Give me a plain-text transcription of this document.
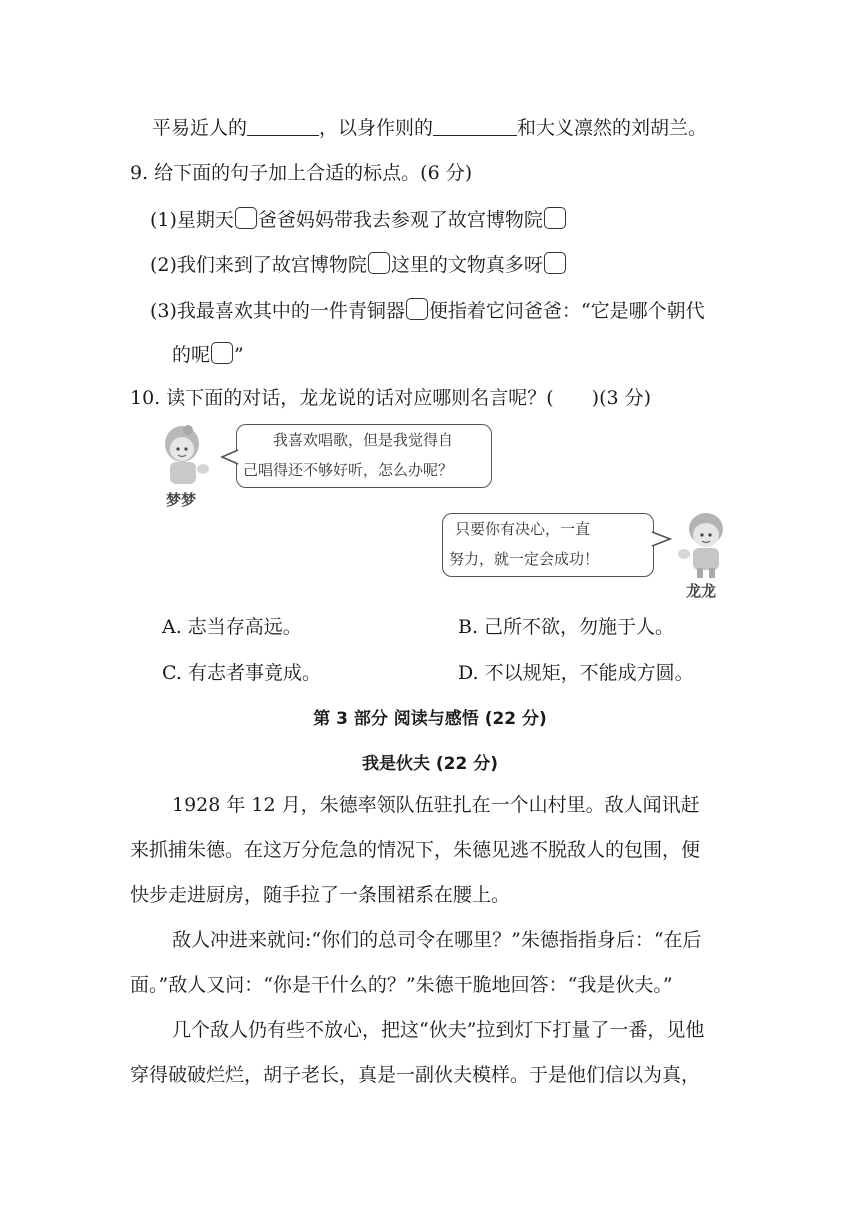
平易近人的	，以身作则的	和大义凛然的刘胡兰。
9. 给下面的句子加上合适的标点。(6 分)
(1)星期天 爸爸妈妈带我去参观了故宫博物院
(2)我们来到了故宫博物院 这里的文物真多呀
(3)我最喜欢其中的一件青铜器 便指着它问爸爸：“它是哪个朝代
的呢 ”
10. 读下面的对话，龙龙说的话对应哪则名言呢？( )(3 分)
梦梦
我喜欢唱歌，但是我觉得自
己唱得还不够好听，怎么办呢？
只要你有决心，一直
努力，就一定会成功！
龙龙
A. 志当存高远。	B. 己所不欲，勿施于人。
C. 有志者事竟成。	D. 不以规矩，不能成方圆。
第 3 部分 阅读与感悟 (22 分)
我是伙夫 (22 分)
1928 年 12 月，朱德率领队伍驻扎在一个山村里。敌人闻讯赶
来抓捕朱德。在这万分危急的情况下，朱德见逃不脱敌人的包围，便
快步走进厨房，随手拉了一条围裙系在腰上。
敌人冲进来就问:“你们的总司令在哪里？”朱德指指身后：“在后
面。”敌人又问：“你是干什么的？”朱德干脆地回答：“我是伙夫。”
几个敌人仍有些不放心，把这“伙夫”拉到灯下打量了一番，见他
穿得破破烂烂，胡子老长，真是一副伙夫模样。于是他们信以为真，
